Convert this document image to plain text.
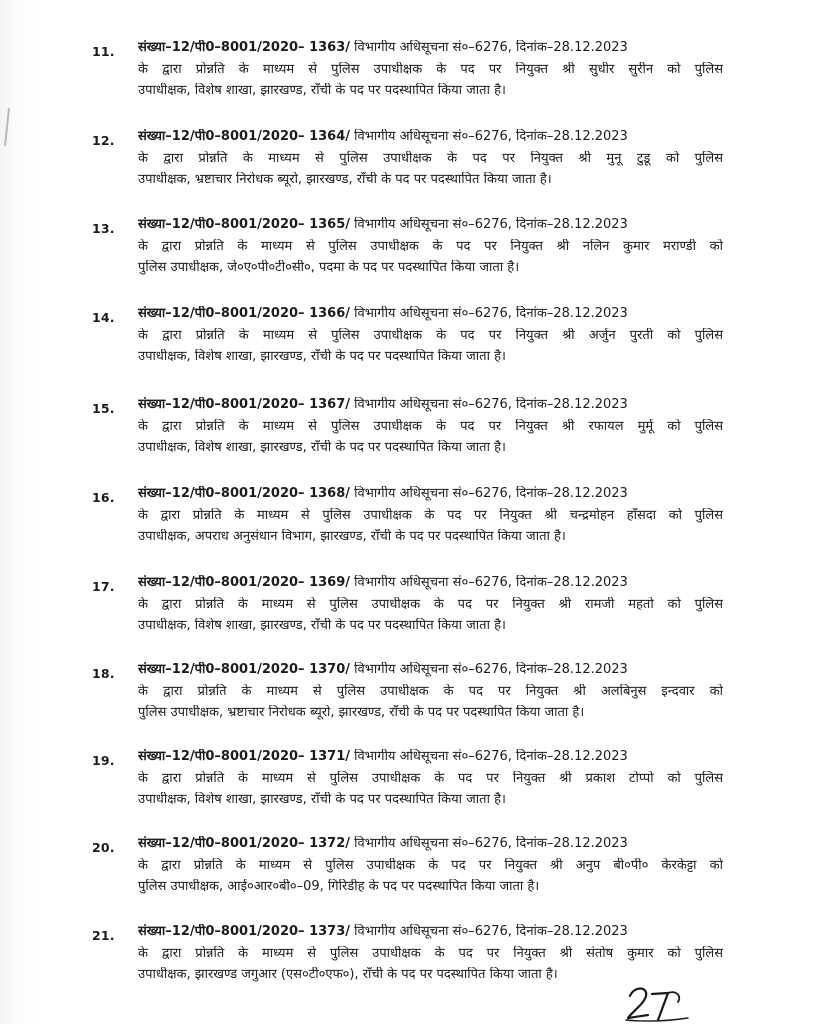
11. संख्या–12/पी0–8001/2020– 1363/ विभागीय अधिसूचना सं०–6276, दिनांक–28.12.2023
के द्वारा प्रोन्नति के माध्यम से पुलिस उपाधीक्षक के पद पर नियुक्त श्री सुधीर सुरीन को पुलिस
उपाधीक्षक, विशेष शाखा, झारखण्ड, राँची के पद पर पदस्थापित किया जाता है।
12. संख्या–12/पी0–8001/2020– 1364/ विभागीय अधिसूचना सं०–6276, दिनांक–28.12.2023
के द्वारा प्रोन्नति के माध्यम से पुलिस उपाधीक्षक के पद पर नियुक्त श्री मुनू टुडू को पुलिस
उपाधीक्षक, भ्रष्टाचार निरोधक ब्यूरो, झारखण्ड, राँची के पद पर पदस्थापित किया जाता है।
13. संख्या–12/पी0–8001/2020– 1365/ विभागीय अधिसूचना सं०–6276, दिनांक–28.12.2023
के द्वारा प्रोन्नति के माध्यम से पुलिस उपाधीक्षक के पद पर नियुक्त श्री नलिन कुमार मराण्डी को
पुलिस उपाधीक्षक, जे०ए०पी०टी०सी०, पदमा के पद पर पदस्थापित किया जाता है।
14. संख्या–12/पी0–8001/2020– 1366/ विभागीय अधिसूचना सं०–6276, दिनांक–28.12.2023
के द्वारा प्रोन्नति के माध्यम से पुलिस उपाधीक्षक के पद पर नियुक्त श्री अर्जुन पुरती को पुलिस
उपाधीक्षक, विशेष शाखा, झारखण्ड, राँची के पद पर पदस्थापित किया जाता है।
15. संख्या–12/पी0–8001/2020– 1367/ विभागीय अधिसूचना सं०–6276, दिनांक–28.12.2023
के द्वारा प्रोन्नति के माध्यम से पुलिस उपाधीक्षक के पद पर नियुक्त श्री रफायल मुर्मू को पुलिस
उपाधीक्षक, विशेष शाखा, झारखण्ड, राँची के पद पर पदस्थापित किया जाता है।
16. संख्या–12/पी0–8001/2020– 1368/ विभागीय अधिसूचना सं०–6276, दिनांक–28.12.2023
के द्वारा प्रोन्नति के माध्यम से पुलिस उपाधीक्षक के पद पर नियुक्त श्री चन्द्रमोहन हाँसदा को पुलिस
उपाधीक्षक, अपराध अनुसंधान विभाग, झारखण्ड, राँची के पद पर पदस्थापित किया जाता है।
17. संख्या–12/पी0–8001/2020– 1369/ विभागीय अधिसूचना सं०–6276, दिनांक–28.12.2023
के द्वारा प्रोन्नति के माध्यम से पुलिस उपाधीक्षक के पद पर नियुक्त श्री रामजी महतो को पुलिस
उपाधीक्षक, विशेष शाखा, झारखण्ड, राँची के पद पर पदस्थापित किया जाता है।
18. संख्या–12/पी0–8001/2020– 1370/ विभागीय अधिसूचना सं०–6276, दिनांक–28.12.2023
के द्वारा प्रोन्नति के माध्यम से पुलिस उपाधीक्षक के पद पर नियुक्त श्री अलबिनुस इन्दवार को
पुलिस उपाधीक्षक, भ्रष्टाचार निरोधक ब्यूरो, झारखण्ड, राँची के पद पर पदस्थापित किया जाता है।
19. संख्या–12/पी0–8001/2020– 1371/ विभागीय अधिसूचना सं०–6276, दिनांक–28.12.2023
के द्वारा प्रोन्नति के माध्यम से पुलिस उपाधीक्षक के पद पर नियुक्त श्री प्रकाश टोप्पो को पुलिस
उपाधीक्षक, विशेष शाखा, झारखण्ड, राँची के पद पर पदस्थापित किया जाता है।
20. संख्या–12/पी0–8001/2020– 1372/ विभागीय अधिसूचना सं०–6276, दिनांक–28.12.2023
के द्वारा प्रोन्नति के माध्यम से पुलिस उपाधीक्षक के पद पर नियुक्त श्री अनुप बी०पी० केरकेट्टा को
पुलिस उपाधीक्षक, आई०आर०बी०–09, गिरिडीह के पद पर पदस्थापित किया जाता है।
21. संख्या–12/पी0–8001/2020– 1373/ विभागीय अधिसूचना सं०–6276, दिनांक–28.12.2023
के द्वारा प्रोन्नति के माध्यम से पुलिस उपाधीक्षक के पद पर नियुक्त श्री संतोष कुमार को पुलिस
उपाधीक्षक, झारखण्ड जगुआर (एस०टी०एफ०), राँची के पद पर पदस्थापित किया जाता है।
